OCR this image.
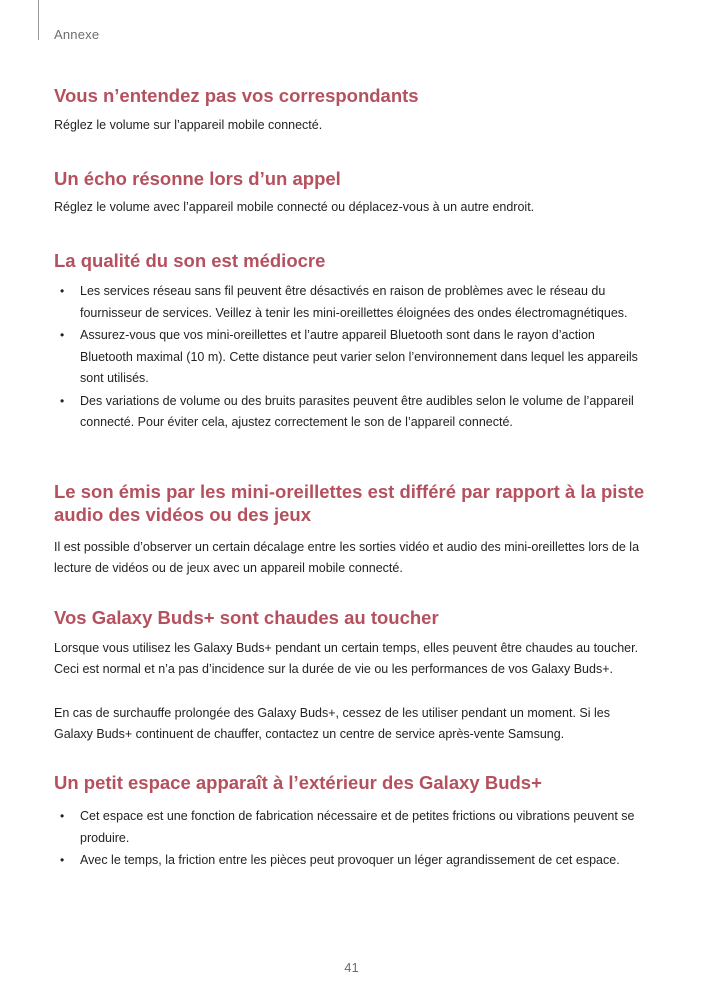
Annexe
Vous n’entendez pas vos correspondants

Réglez le volume sur l’appareil mobile connecté.

Un écho résonne lors d’un appel

Réglez le volume avec l’appareil mobile connecté ou déplacez-vous à un autre endroit.

La qualité du son est médiocre
• Les services réseau sans fil peuvent être désactivés en raison de problèmes avec le réseau du fournisseur de services. Veillez à tenir les mini-oreillettes éloignées des ondes électromagnétiques.
• Assurez-vous que vos mini-oreillettes et l’autre appareil Bluetooth sont dans le rayon d’action Bluetooth maximal (10 m). Cette distance peut varier selon l’environnement dans lequel les appareils sont utilisés.
• Des variations de volume ou des bruits parasites peuvent être audibles selon le volume de l’appareil connecté. Pour éviter cela, ajustez correctement le son de l’appareil connecté.
Le son émis par les mini-oreillettes est différé par rapport à la piste audio des vidéos ou des jeux

Il est possible d’observer un certain décalage entre les sorties vidéo et audio des mini-oreillettes lors de la lecture de vidéos ou de jeux avec un appareil mobile connecté.

Vos Galaxy Buds+ sont chaudes au toucher

Lorsque vous utilisez les Galaxy Buds+ pendant un certain temps, elles peuvent être chaudes au toucher. Ceci est normal et n’a pas d’incidence sur la durée de vie ou les performances de vos Galaxy Buds+.

En cas de surchauffe prolongée des Galaxy Buds+, cessez de les utiliser pendant un moment. Si les Galaxy Buds+ continuent de chauffer, contactez un centre de service après-vente Samsung.

Un petit espace apparaît à l’extérieur des Galaxy Buds+
• Cet espace est une fonction de fabrication nécessaire et de petites frictions ou vibrations peuvent se produire.
• Avec le temps, la friction entre les pièces peut provoquer un léger agrandissement de cet espace.
41
